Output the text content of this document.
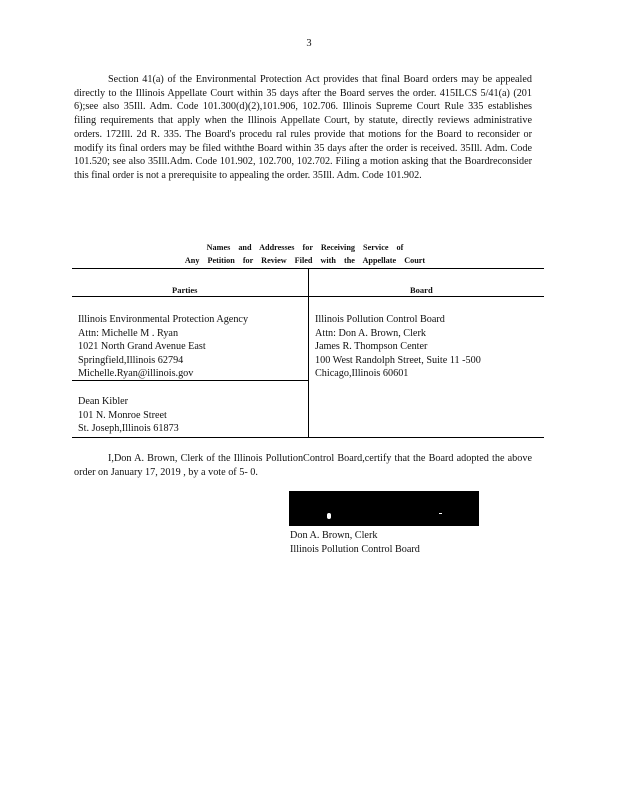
3

Section 41(a) of the Environmental Protection Act provides that final Board orders may be appealed directly to the Illinois Appellate Court within 35 days after the Board serves the order. 415ILCS 5/41(a) (201 6);see also 35Ill. Adm. Code 101.300(d)(2),101.906, 102.706. Illinois Supreme Court Rule 335 establishes filing requirements that apply when the Illinois Appellate Court, by statute, directly reviews administrative orders. 172Ill. 2d R. 335. The Board's procedu ral rules provide that motions for the Board to reconsider or modify its final orders may be filed withthe Board within 35 days after the order is received. 35Ill. Adm. Code 101.520; see also 35Ill.Adm. Code 101.902, 102.700, 102.702. Filing a motion asking that the Boardreconsider this final order is not a prerequisite to appealing the order. 35Ill. Adm. Code 101.902.

Names and Addresses for Receiving Service of
Any Petition for Review Filed with the Appellate Court
Parties	Board
Illinois Environmental Protection Agency
Attn: Michelle M . Ryan
1021 North Grand Avenue East
Springfield,Illinois 62794
Michelle.Ryan@illinois.gov
Dean Kibler
101 N. Monroe Street
St. Joseph,Illinois 61873
Illinois Pollution Control Board
Attn: Don A. Brown, Clerk
James R. Thompson Center
100 West Randolph Street, Suite 11 -500
Chicago,Illinois 60601

I,Don A. Brown, Clerk of the Illinois PollutionControl Board,certify that the Board adopted the above order on January 17, 2019 , by a vote of 5- 0.

Don A. Brown, Clerk
Illinois Pollution Control Board
